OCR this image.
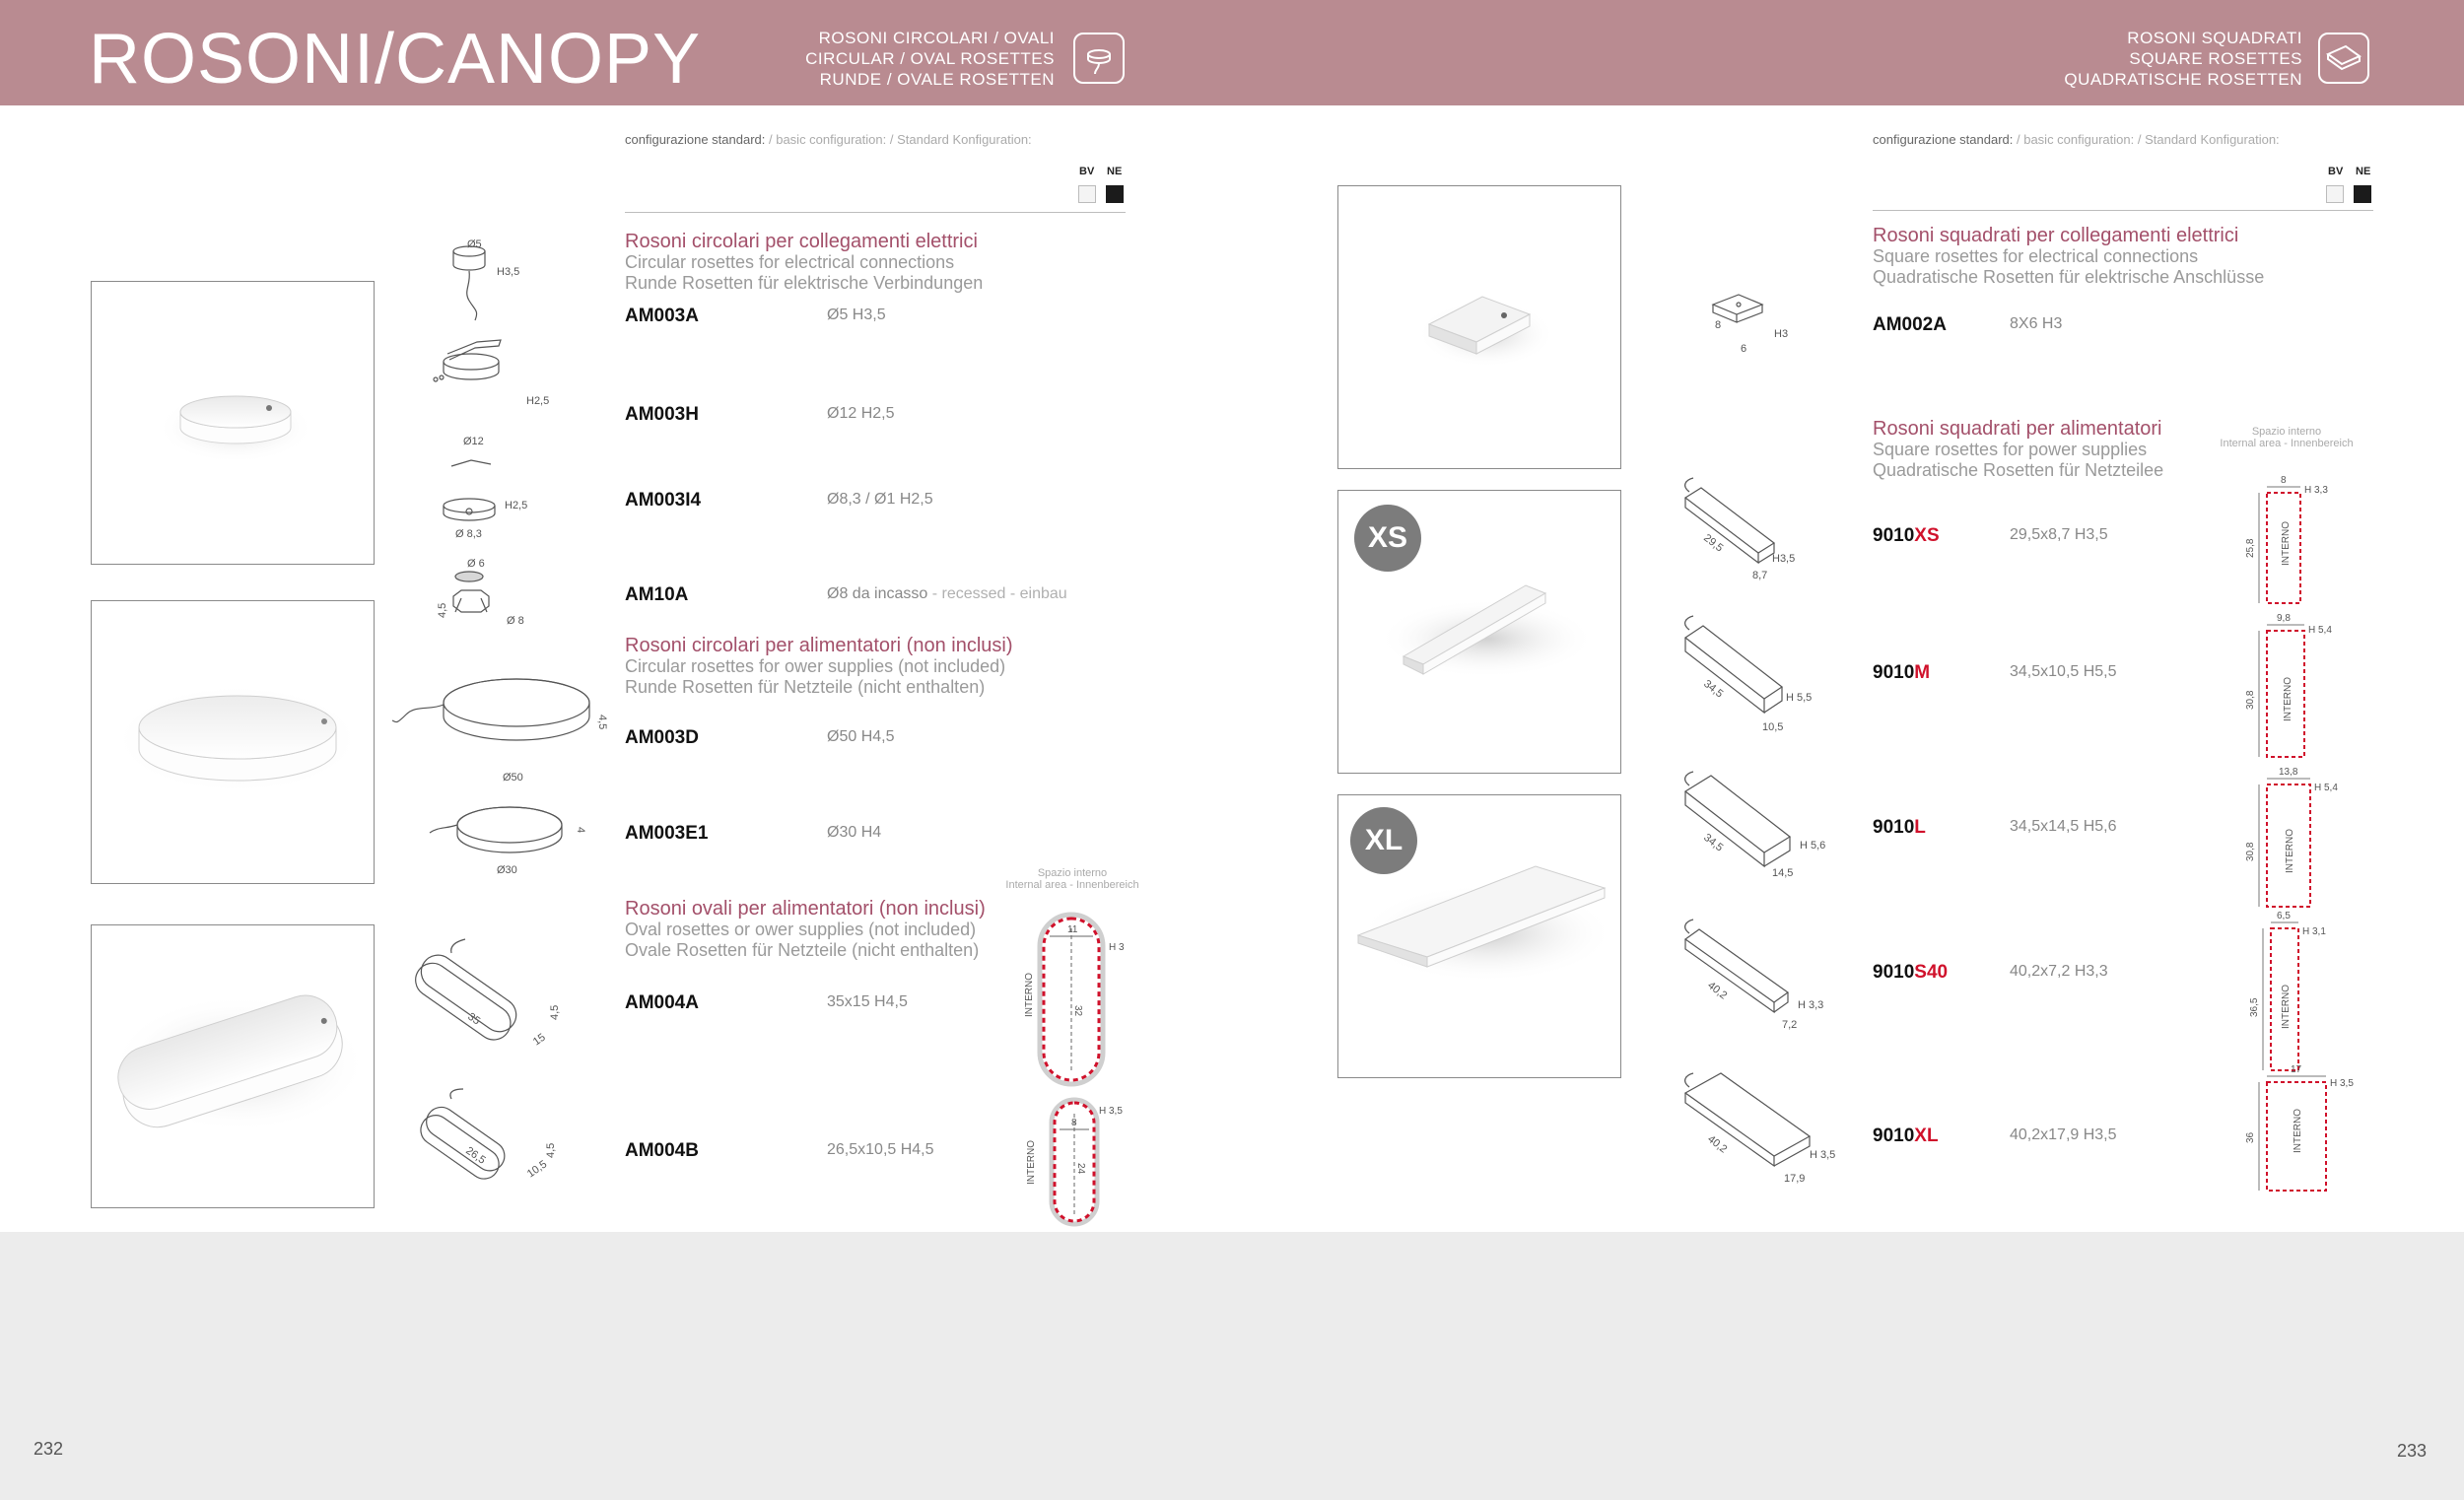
ROSONI/CANOPY	ROSONI CIRCOLARI / OVALI
CIRCULAR / OVAL ROSETTES
RUNDE / OVALE ROSETTEN
ROSONI SQUADRATI
SQUARE ROSETTES
QUADRATISCHE ROSETTEN
232	233
Ø5
H3,5
H2,5
Ø12
H2,5
Ø 8,3
Ø 6
4,5
Ø 8
4,5
Ø50
4
Ø30
35
15
4,5
26,5
10,5
4,5
configurazione standard: / basic configuration: / Standard Konfiguration:
BV NE
Rosoni circolari per collegamenti elettrici
Circular rosettes for electrical connections
Runde Rosetten für elektrische Verbindungen
AM003A	Ø5 H3,5
AM003H	Ø12 H2,5
AM003I4	Ø8,3 / Ø1 H2,5
AM10A	Ø8 da incasso - recessed - einbau
Rosoni circolari per alimentatori (non inclusi)
Circular rosettes for ower supplies (not included)
Runde Rosetten für Netzteile (nicht enthalten)
AM003D	Ø50 H4,5
AM003E1	Ø30 H4
Spazio interno
Internal area - Innenbereich
Rosoni ovali per alimentatori (non inclusi)
Oval rosettes or ower supplies (not included)
Ovale Rosetten für Netzteile (nicht enthalten)
AM004A	35x15 H4,5
AM004B	26,5x10,5 H4,5
11
32
H 3
INTERNO
8
24
H 3,5
INTERNO
XS
XL
8
6
H3
29,5
8,7
H3,5
34,5
10,5
H 5,5
34,5
14,5
H 5,6
40,2
7,2
H 3,3
40,2
17,9
H 3,5
configurazione standard: / basic configuration: / Standard Konfiguration:
BV NE
Rosoni squadrati per collegamenti elettrici
Square rosettes for electrical connections
Quadratische Rosetten für elektrische Anschlüsse
AM002A	8X6 H3
Spazio interno
Internal area - Innenbereich
Rosoni squadrati per alimentatori
Square rosettes for power supplies
Quadratische Rosetten für Netzteilee
9010XS	29,5x8,7 H3,5
9010M	34,5x10,5 H5,5
9010L	34,5x14,5 H5,6
9010S40	40,2x7,2 H3,3
9010XL	40,2x17,9 H3,5
8
25,8
H 3,3
INTERNO
9,8
30,8
H 5,4
INTERNO
13,8
30,8
H 5,4
INTERNO
6,5
36,5
H 3,1
INTERNO
17
36
H 3,5
INTERNO
